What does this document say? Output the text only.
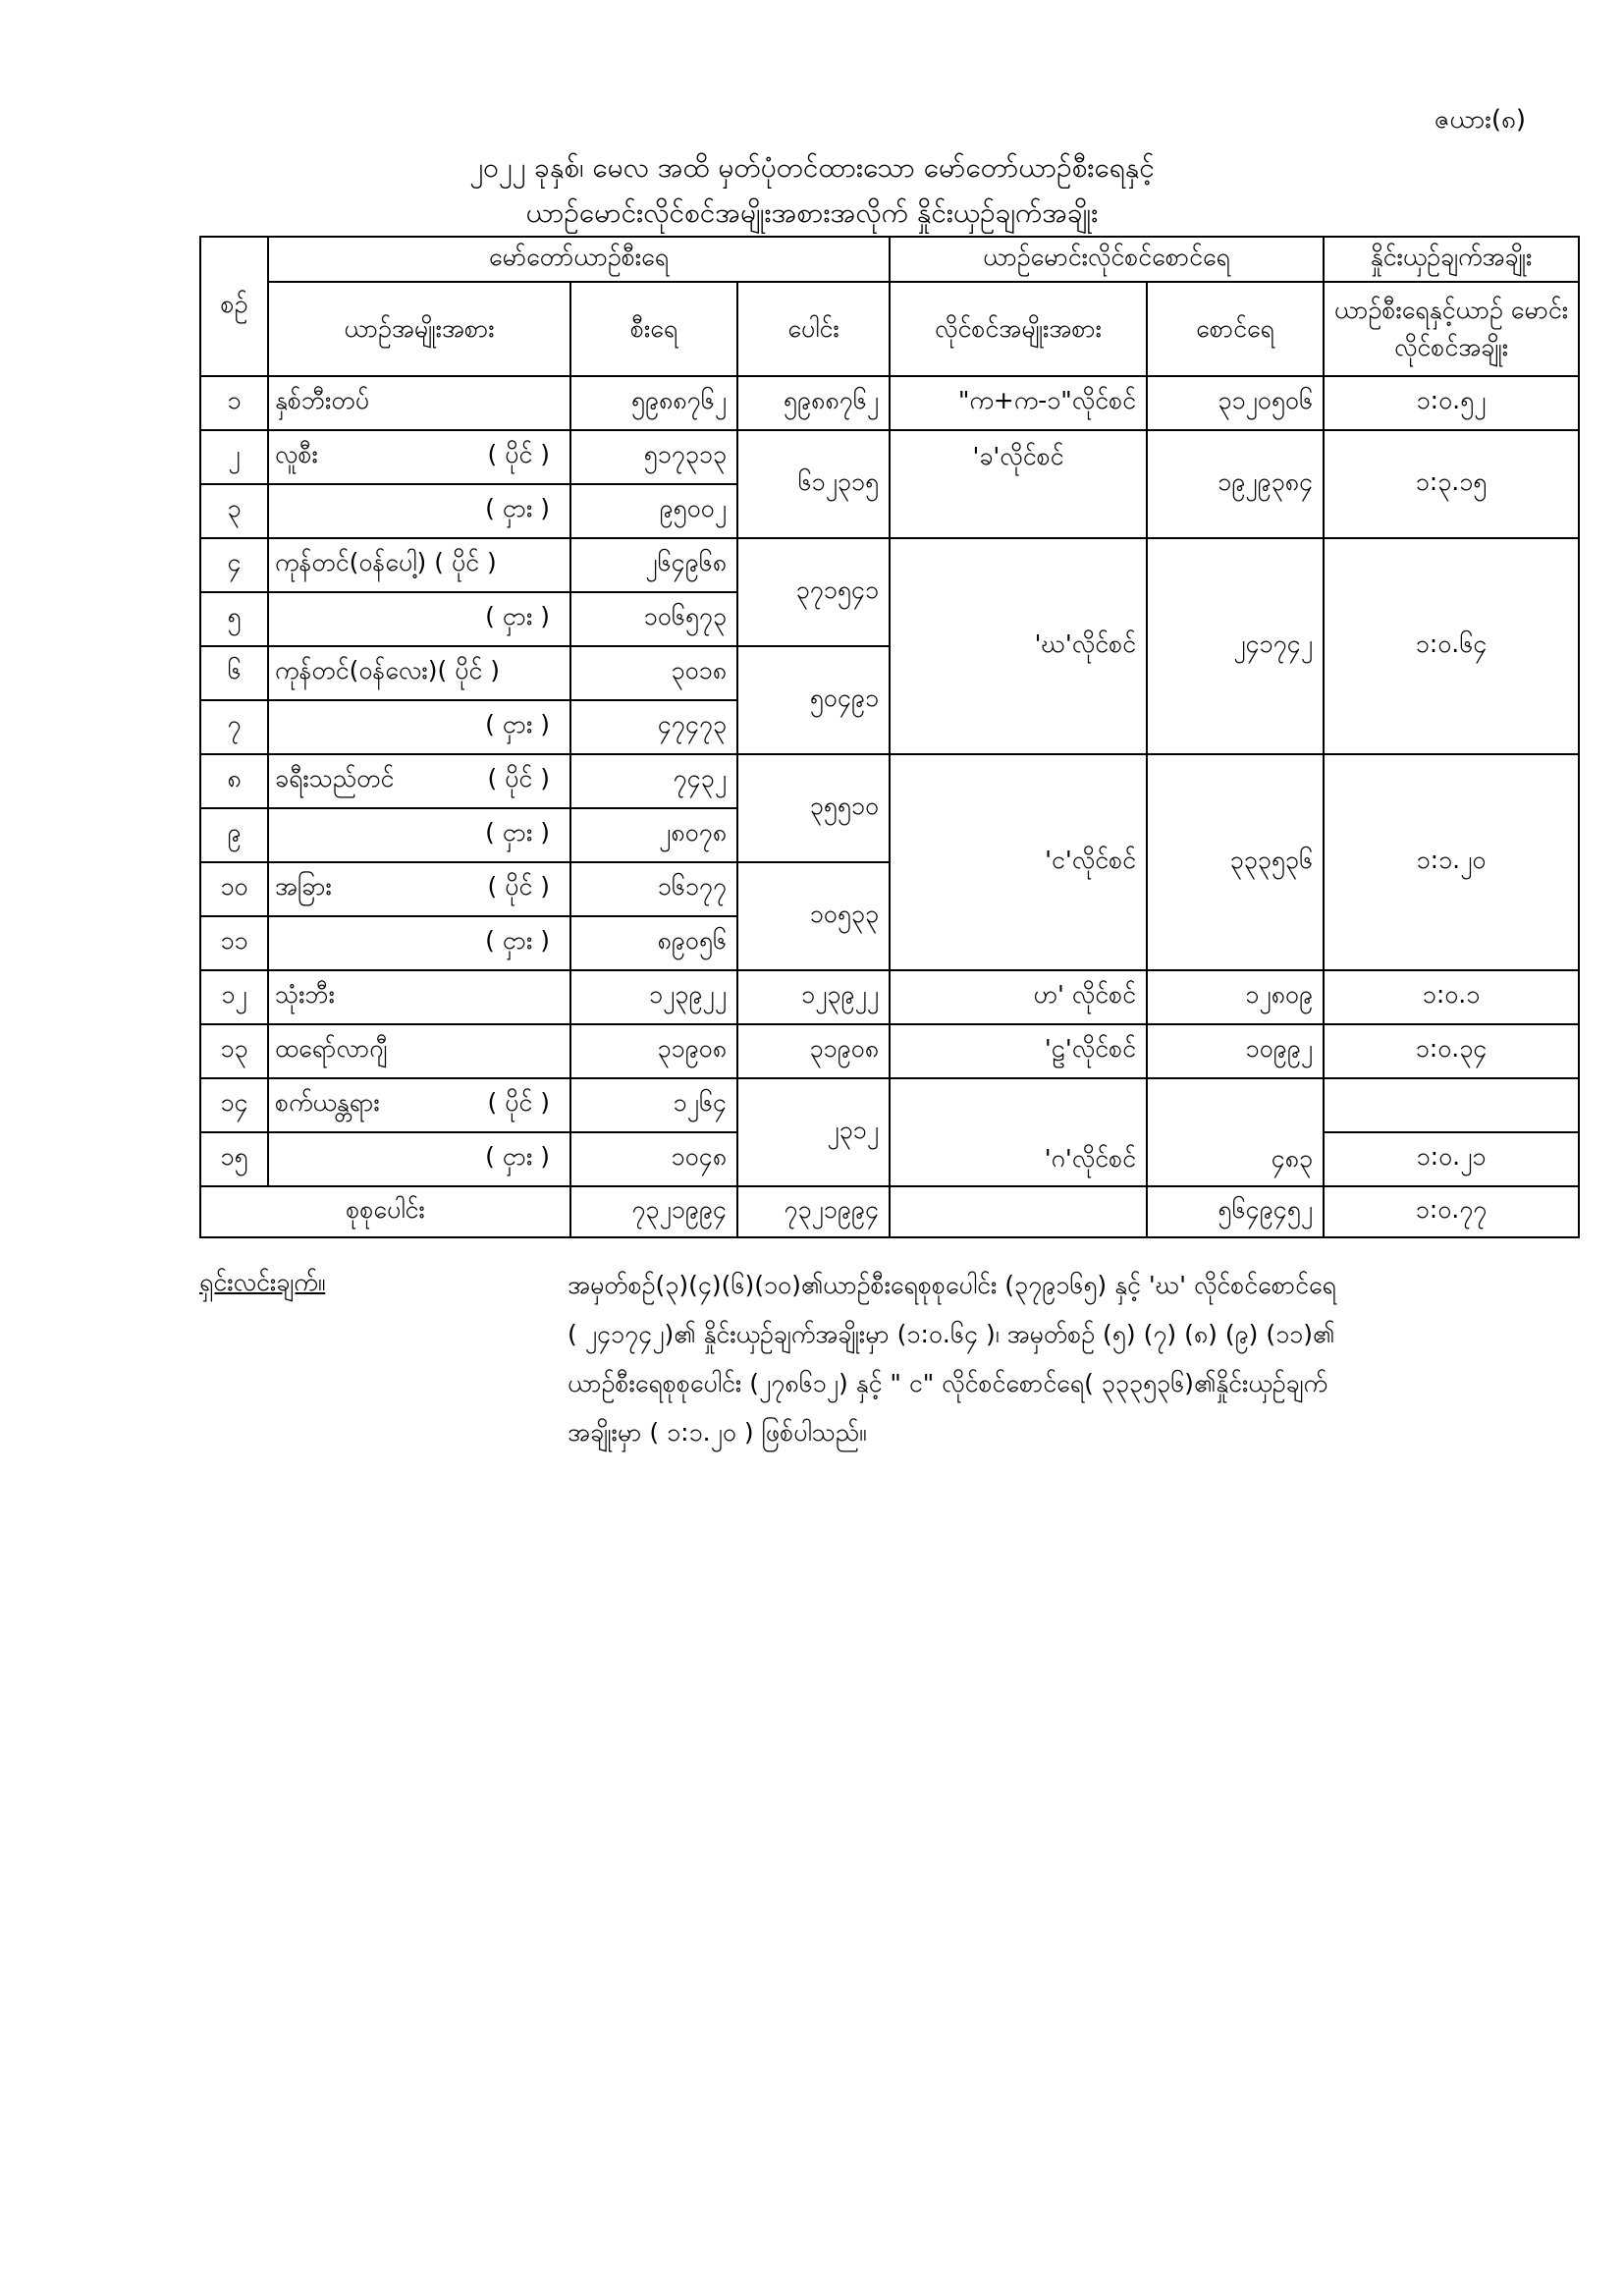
ဇယား(၈)
၂၀၂၂ ခုနှစ်၊ မေလ အထိ မှတ်ပုံတင်ထားသော မော်တော်ယာဉ်စီးရေနှင့်
ယာဉ်မောင်းလိုင်စင်အမျိုးအစားအလိုက် နှိုင်းယှဉ်ချက်အချိုး
စဉ်	မော်တော်ယာဉ်စီးရေ			ယာဉ်မောင်းလိုင်စင်စောင်ရေ		နှိုင်းယှဉ်ချက်အချိုး
	ယာဉ်အမျိုးအစား	စီးရေ	ပေါင်း	လိုင်စင်အမျိုးအစား	စောင်ရေ	ယာဉ်စီးရေနှင့်ယာဉ် မောင်းလိုင်စင်အချိုး
၁	နှစ်ဘီးတပ်	၅၉၈၈၇၆၂	၅၉၈၈၇၆၂	"က+က-၁"လိုင်စင်	၃၁၂၀၅၀၆	၁:၀.၅၂
၂	လူစီး ( ပိုင် )	၅၁၇၃၁၃	၆၁၂၃၁၅	'ခ'လိုင်စင်	၁၉၂၉၃၈၄	၁:၃.၁၅
၃	( ငှား )	၉၅၀၀၂				
၄	ကုန်တင်(ဝန်ပေါ့) ( ပိုင် )	၂၆၄၉၆၈	၃၇၁၅၄၁	'ဃ'လိုင်စင်	၂၄၁၇၄၂	၁:၀.၆၄
၅	( ငှား )	၁၀၆၅၇၃				
၆	ကုန်တင်(ဝန်လေး)( ပိုင် )	၃၀၁၈	၅၀၄၉၁			
၇	( ငှား )	၄၇၄၇၃				
၈	ခရီးသည်တင် ( ပိုင် )	၇၄၃၂	၃၅၅၁၀	'င'လိုင်စင်	၃၃၃၅၃၆	၁:၁.၂၀
၉	( ငှား )	၂၈၀၇၈				
၁၀	အခြား ( ပိုင် )	၁၆၁၇၇	၁၀၅၃၃			
၁၁	( ငှား )	၈၉၀၅၆				
၁၂	သုံးဘီး	၁၂၃၉၂၂	၁၂၃၉၂၂	ဟ' လိုင်စင်	၁၂၈၀၉	၁:၀.၁
၁၃	ထရော်လာဂျီ	၃၁၉၀၈	၃၁၉၀၈	'ဠ'လိုင်စင်	၁၀၉၉၂	၁:၀.၃၄
၁၄	စက်ယန္တရား ( ပိုင် )	၁၂၆၄	၂၃၁၂	'ဂ'လိုင်စင်	၄၈၃	
၁၅	( ငှား )	၁၀၄၈				၁:၀.၂၁
စုစုပေါင်း		၇၃၂၁၉၉၄	၇၃၂၁၉၉၄		၅၆၄၉၄၅၂	၁:၀.၇၇
ရှင်းလင်းချက်။	အမှတ်စဉ်(၃)(၄)(၆)(၁၀)၏ယာဉ်စီးရေစုစုပေါင်း (၃၇၉၁၆၅) နှင့် 'ဃ' လိုင်စင်စောင်ရေ
( ၂၄၁၇၄၂)၏ နှိုင်းယှဉ်ချက်အချိုးမှာ (၁:၀.၆၄ )၊ အမှတ်စဉ် (၅) (၇) (၈) (၉) (၁၁)၏
ယာဉ်စီးရေစုစုပေါင်း (၂၇၈၆၁၂) နှင့် " င" လိုင်စင်စောင်ရေ( ၃၃၃၅၃၆)၏နှိုင်းယှဉ်ချက်
အချိုးမှာ ( ၁:၁.၂၀ ) ဖြစ်ပါသည်။
